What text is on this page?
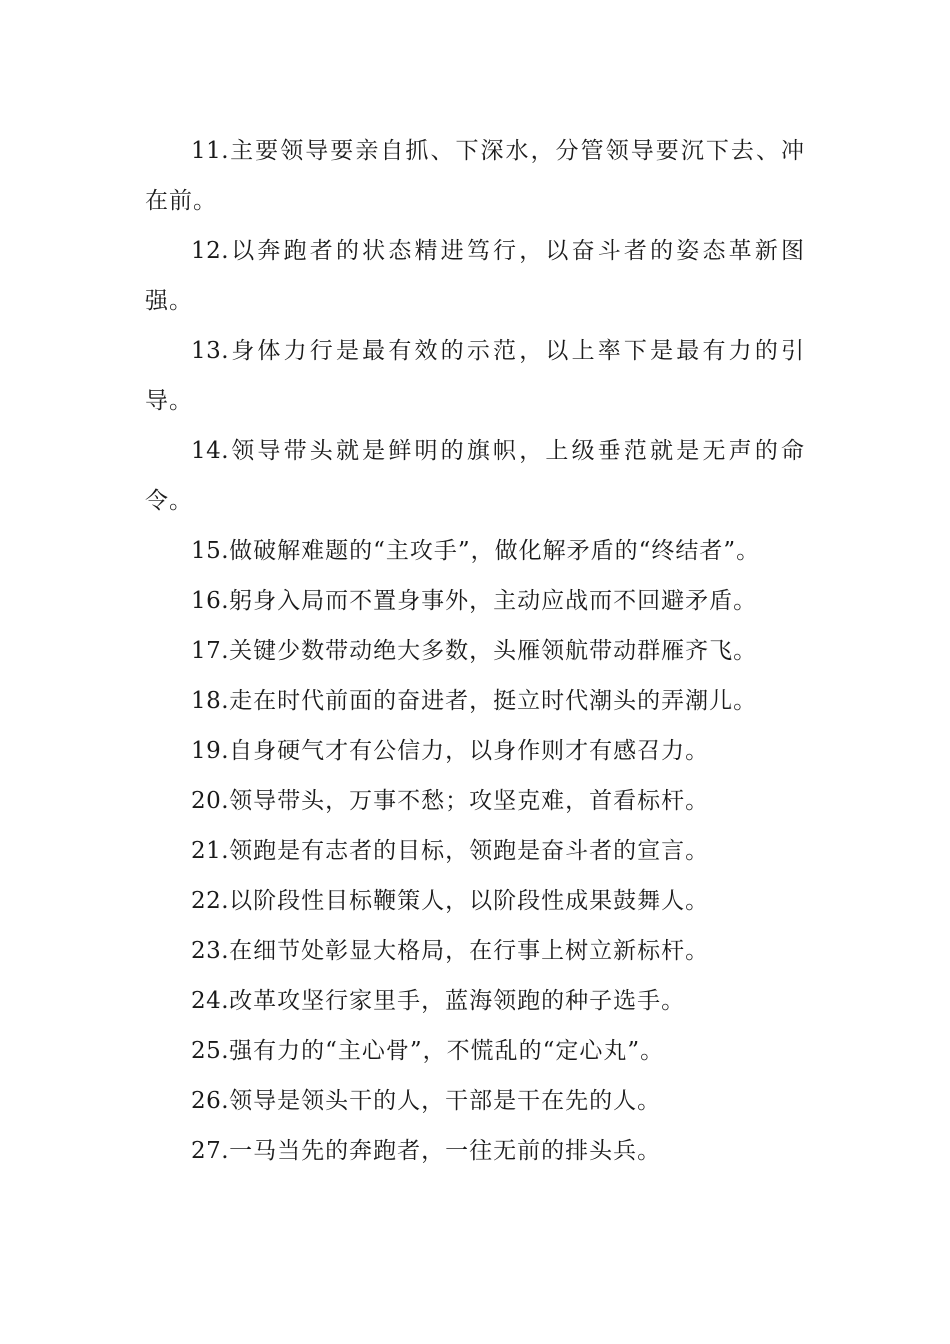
11.主要领导要亲自抓、下深水，分管领导要沉下去、冲在前。

12.以奔跑者的状态精进笃行，以奋斗者的姿态革新图强。

13.身体力行是最有效的示范，以上率下是最有力的引导。

14.领导带头就是鲜明的旗帜，上级垂范就是无声的命令。

15.做破解难题的“主攻手”，做化解矛盾的“终结者”。

16.躬身入局而不置身事外，主动应战而不回避矛盾。

17.关键少数带动绝大多数，头雁领航带动群雁齐飞。

18.走在时代前面的奋进者，挺立时代潮头的弄潮儿。

19.自身硬气才有公信力，以身作则才有感召力。

20.领导带头，万事不愁；攻坚克难，首看标杆。

21.领跑是有志者的目标，领跑是奋斗者的宣言。

22.以阶段性目标鞭策人，以阶段性成果鼓舞人。

23.在细节处彰显大格局，在行事上树立新标杆。

24.改革攻坚行家里手，蓝海领跑的种子选手。

25.强有力的“主心骨”，不慌乱的“定心丸”。

26.领导是领头干的人，干部是干在先的人。

27.一马当先的奔跑者，一往无前的排头兵。
